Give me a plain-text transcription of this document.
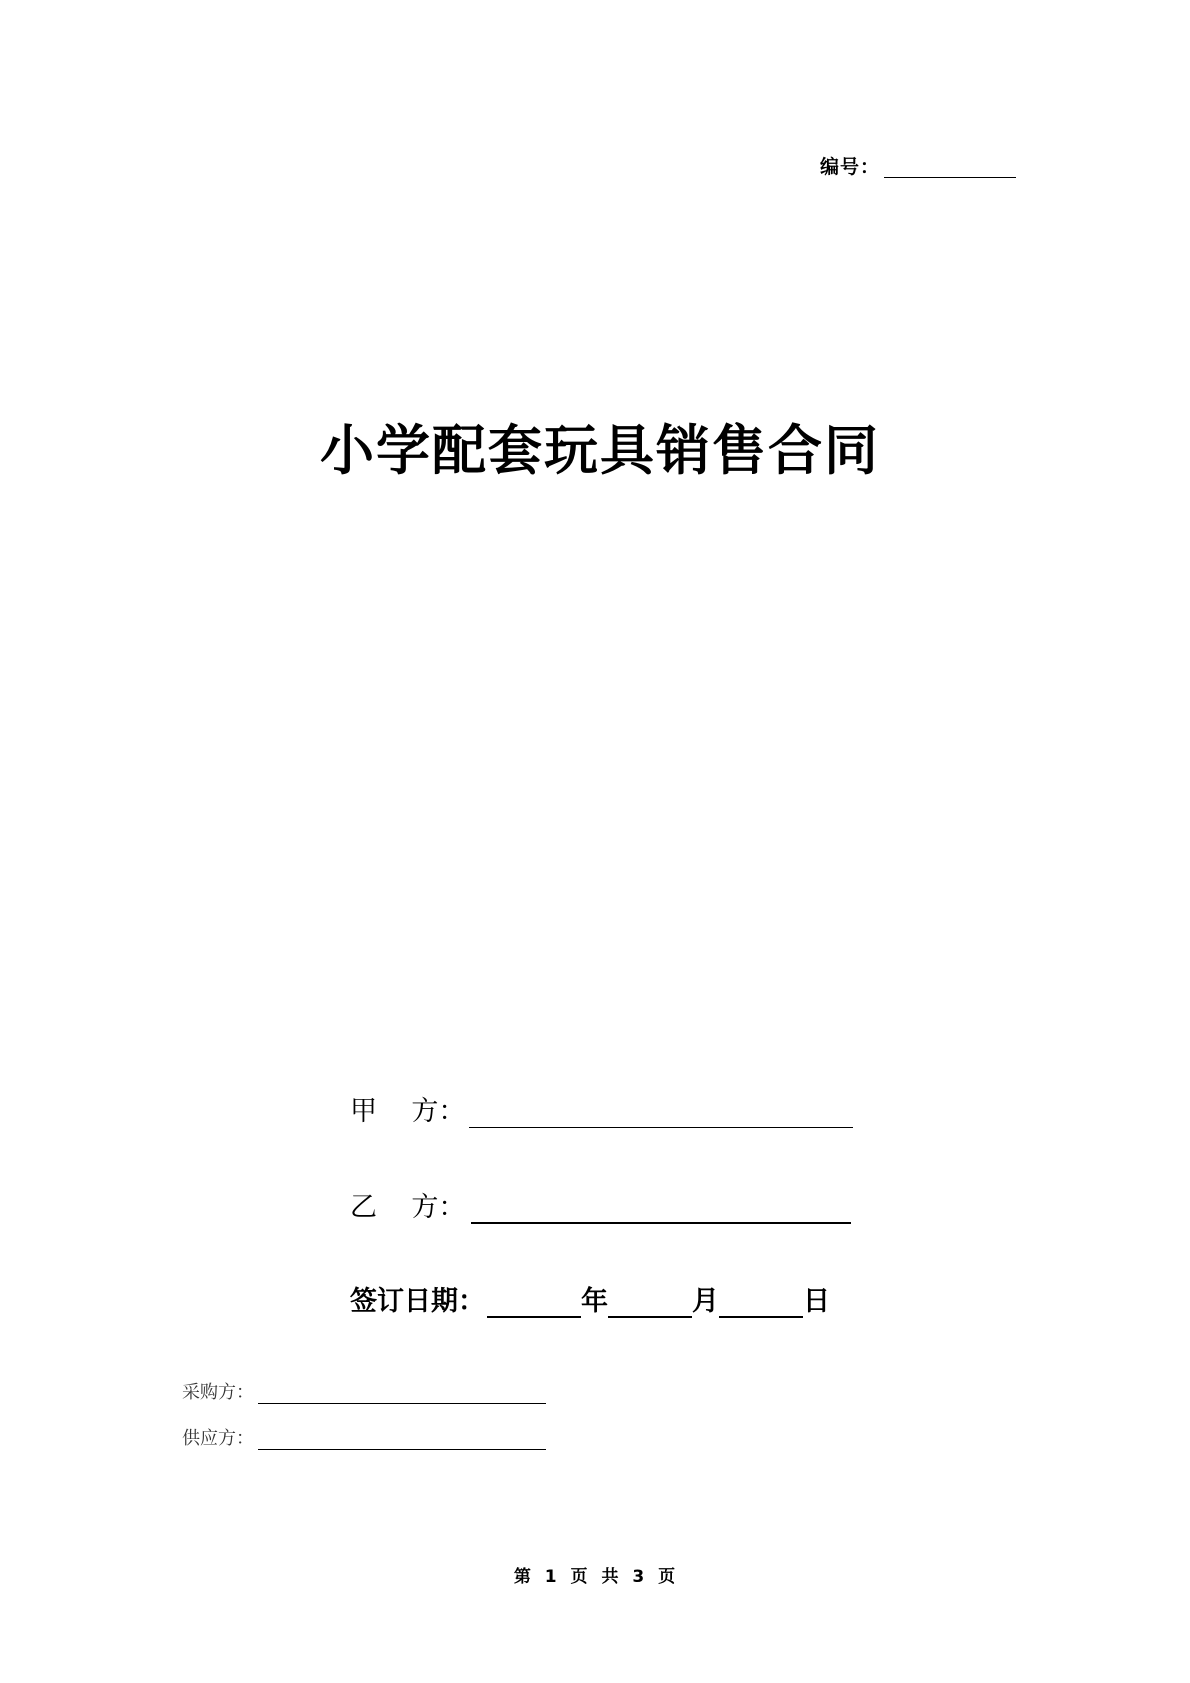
编号：
小学配套玩具销售合同
甲    方：
乙    方：
签订日期：	年	月	日
采购方：
供应方：
第 1 页 共 3 页
